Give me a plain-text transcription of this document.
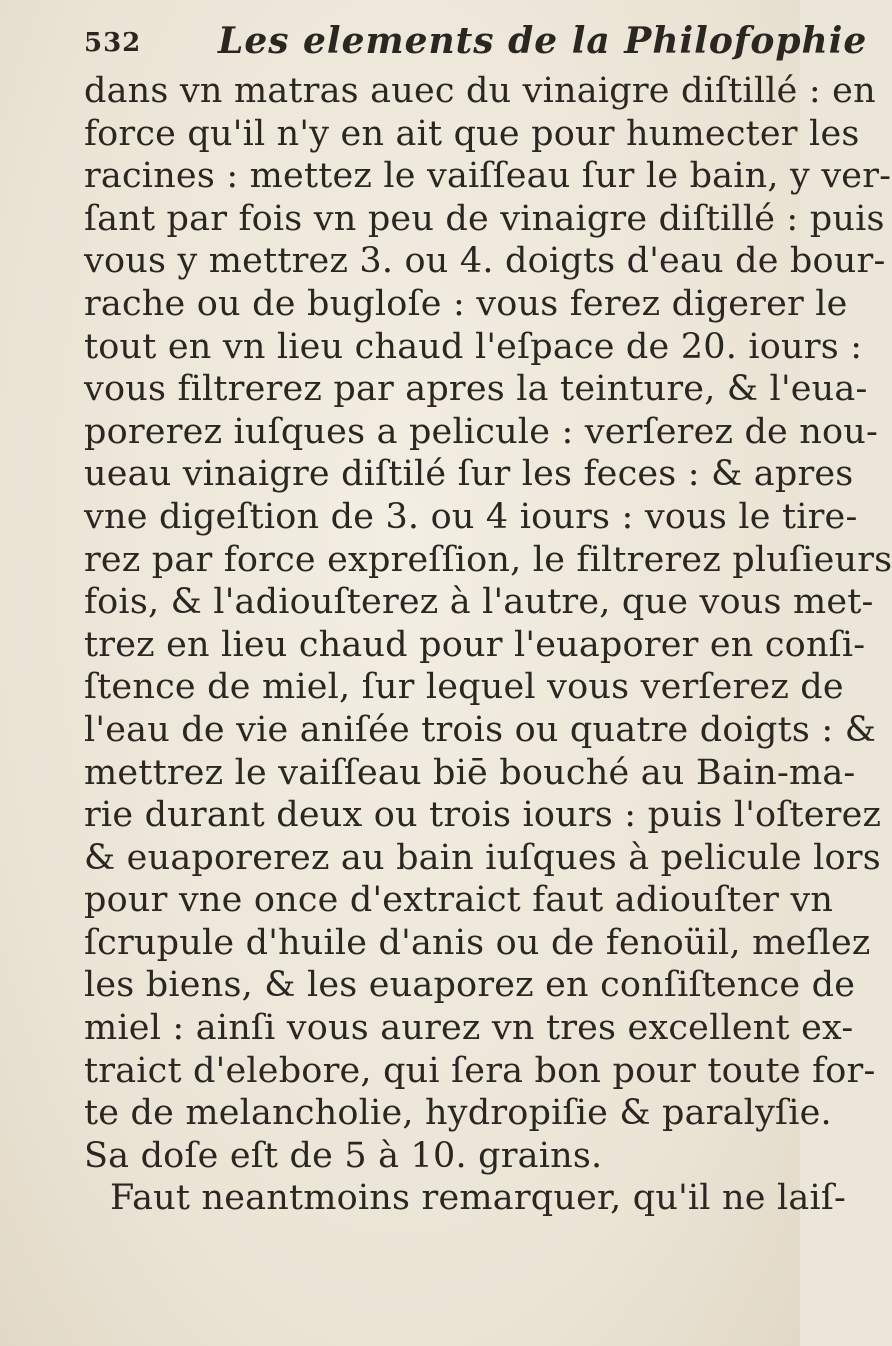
532 Les elements de la Philofophie
dans vn matras auec du vinaigre diſtillé : en
force qu'il n'y en ait que pour humecter les
racines : mettez le vaiſſeau ſur le bain, y ver-
ſant par fois vn peu de vinaigre diſtillé : puis
vous y mettrez 3. ou 4. doigts d'eau de bour-
rache ou de bugloſe : vous ferez digerer le
tout en vn lieu chaud l'eſpace de 20. iours :
vous filtrerez par apres la teinture, & l'eua-
porerez iuſques a pelicule : verſerez de nou-
ueau vinaigre diſtilé ſur les feces : & apres
vne digeſtion de 3. ou 4 iours : vous le tire-
rez par force expreſſion, le filtrerez pluſieurs
fois, & l'adiouſterez à l'autre, que vous met-
trez en lieu chaud pour l'euaporer en conſi-
ſtence de miel, ſur lequel vous verſerez de
l'eau de vie aniſée trois ou quatre doigts : &
mettrez le vaiſſeau biē bouché au Bain-ma-
rie durant deux ou trois iours : puis l'oſterez
& euaporerez au bain iuſques à pelicule lors
pour vne once d'extraict faut adiouſter vn
ſcrupule d'huile d'anis ou de fenoüil, meſlez
les biens, & les euaporez en conſiſtence de
miel : ainſi vous aurez vn tres excellent ex-
traict d'elebore, qui ſera bon pour toute for-
te de melancholie, hydropiſie & paralyſie.
Sa doſe eſt de 5 à 10. grains.
Faut neantmoins remarquer, qu'il ne laiſ-
